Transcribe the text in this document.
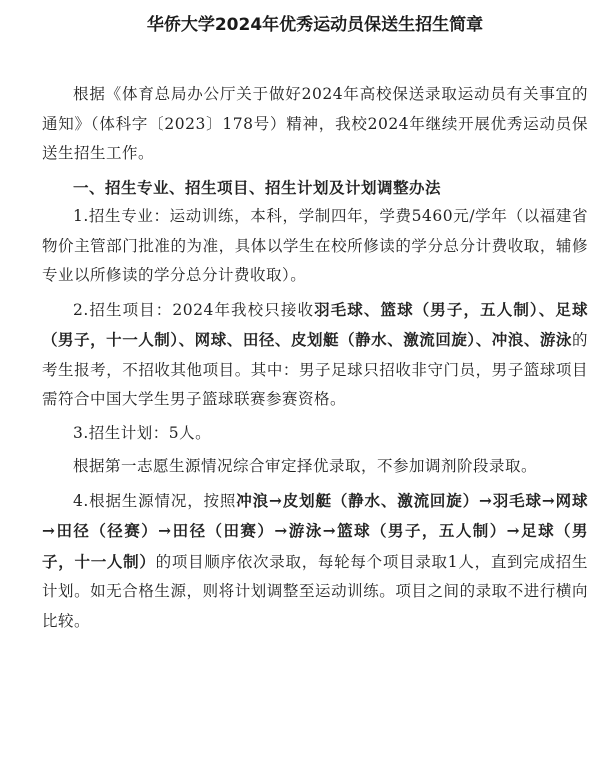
华侨大学2024年优秀运动员保送生招生简章

根据《体育总局办公厅关于做好2024年高校保送录取运动员有关事宜的通知》（体科字〔2023〕178号）精神，我校2024年继续开展优秀运动员保送生招生工作。

一、招生专业、招生项目、招生计划及计划调整办法

1.招生专业：运动训练，本科，学制四年，学费5460元/学年（以福建省物价主管部门批准的为准，具体以学生在校所修读的学分总分计费收取，辅修专业以所修读的学分总分计费收取）。

2.招生项目：2024年我校只接收羽毛球、篮球（男子，五人制）、足球（男子，十一人制）、网球、田径、皮划艇（静水、激流回旋）、冲浪、游泳的考生报考，不招收其他项目。其中：男子足球只招收非守门员，男子篮球项目需符合中国大学生男子篮球联赛参赛资格。

3.招生计划：5人。

根据第一志愿生源情况综合审定择优录取，不参加调剂阶段录取。

4.根据生源情况，按照冲浪→皮划艇（静水、激流回旋）→羽毛球→网球→田径（径赛）→田径（田赛）→游泳→篮球（男子，五人制）→足球（男子，十一人制）的项目顺序依次录取，每轮每个项目录取1人，直到完成招生计划。如无合格生源，则将计划调整至运动训练。项目之间的录取不进行横向比较。
